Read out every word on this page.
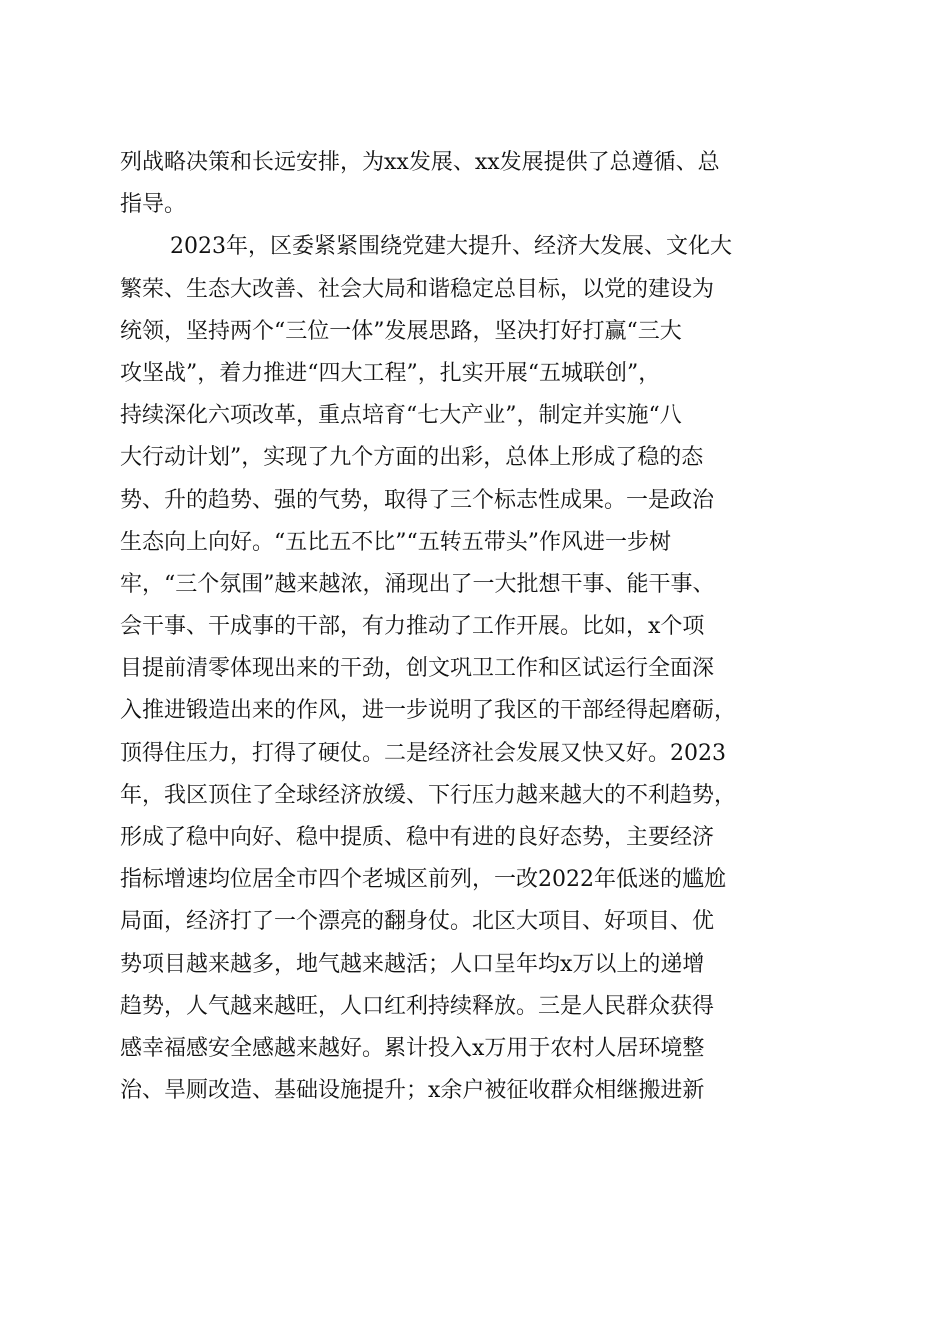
列战略决策和长远安排，为xx发展、xx发展提供了总遵循、总
指导。
2023年，区委紧紧围绕党建大提升、经济大发展、文化大
繁荣、生态大改善、社会大局和谐稳定总目标，以党的建设为
统领，坚持两个“三位一体”发展思路，坚决打好打赢“三大
攻坚战”，着力推进“四大工程”，扎实开展“五城联创”，
持续深化六项改革，重点培育“七大产业”，制定并实施“八
大行动计划”，实现了九个方面的出彩，总体上形成了稳的态
势、升的趋势、强的气势，取得了三个标志性成果。一是政治
生态向上向好。“五比五不比”“五转五带头”作风进一步树
牢，“三个氛围”越来越浓，涌现出了一大批想干事、能干事、
会干事、干成事的干部，有力推动了工作开展。比如，x个项
目提前清零体现出来的干劲，创文巩卫工作和区试运行全面深
入推进锻造出来的作风，进一步说明了我区的干部经得起磨砺，
顶得住压力，打得了硬仗。二是经济社会发展又快又好。2023
年，我区顶住了全球经济放缓、下行压力越来越大的不利趋势，
形成了稳中向好、稳中提质、稳中有进的良好态势，主要经济
指标增速均位居全市四个老城区前列，一改2022年低迷的尴尬
局面，经济打了一个漂亮的翻身仗。北区大项目、好项目、优
势项目越来越多，地气越来越活；人口呈年均x万以上的递增
趋势，人气越来越旺，人口红利持续释放。三是人民群众获得
感幸福感安全感越来越好。累计投入x万用于农村人居环境整
治、旱厕改造、基础设施提升；x余户被征收群众相继搬进新
